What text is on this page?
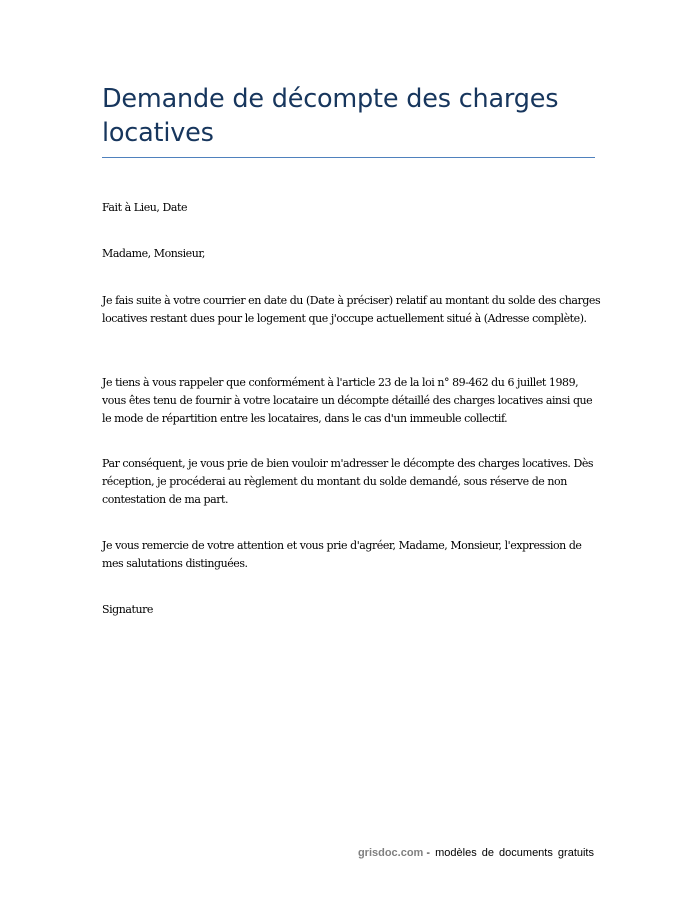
Demande de décompte des charges locatives

Fait à Lieu, Date

Madame, Monsieur,

Je fais suite à votre courrier en date du (Date à préciser) relatif au montant du solde des charges locatives restant dues pour le logement que j'occupe actuellement situé à (Adresse complète).

Je tiens à vous rappeler que conformément à l'article 23 de la loi n° 89-462 du 6 juillet 1989, vous êtes tenu de fournir à votre locataire un décompte détaillé des charges locatives ainsi que le mode de répartition entre les locataires, dans le cas d'un immeuble collectif.

Par conséquent, je vous prie de bien vouloir m'adresser le décompte des charges locatives. Dès réception, je procéderai au règlement du montant du solde demandé, sous réserve de non contestation de ma part.

Je vous remercie de votre attention et vous prie d'agréer, Madame, Monsieur, l'expression de mes salutations distinguées.

Signature

grisdoc.com - modèles de documents gratuits
